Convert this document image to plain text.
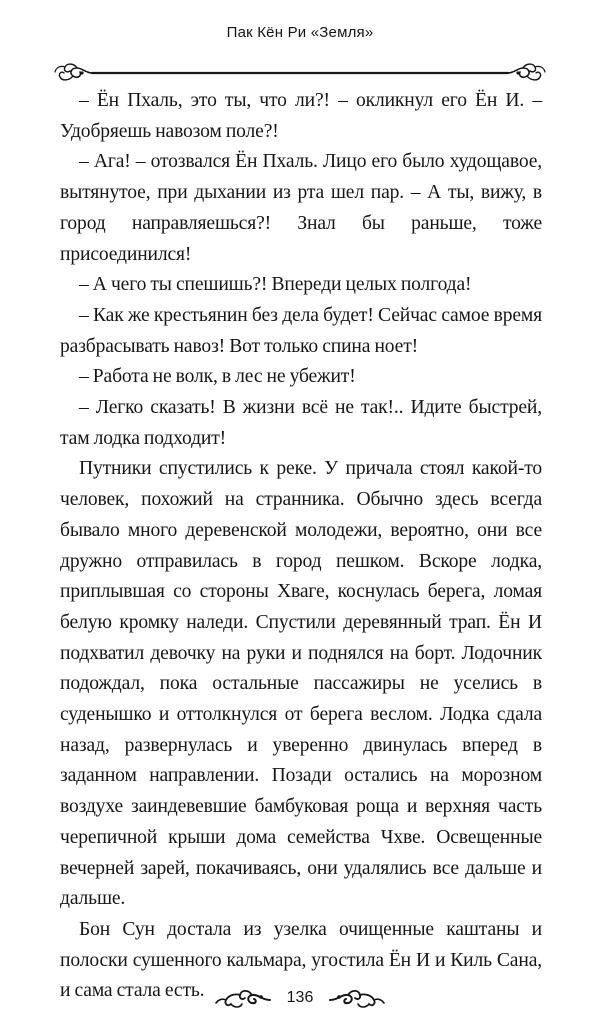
Пак Кён Ри «Земля»

– Ён Пхаль, это ты, что ли?! – окликнул его Ён И. – Удобряешь навозом поле?!

– Ага! – отозвался Ён Пхаль. Лицо его было худощавое, вытянутое, при дыхании из рта шел пар. – А ты, вижу, в город направляешься?! Знал бы раньше, тоже присоединился!

– А чего ты спешишь?! Впереди целых полгода!

– Как же крестьянин без дела будет! Сейчас самое время разбрасывать навоз! Вот только спина ноет!

– Работа не волк, в лес не убежит!

– Легко сказать! В жизни всё не так!.. Идите быстрей, там лодка подходит!

Путники спустились к реке. У причала стоял какой-то человек, похожий на странника. Обычно здесь всегда бывало много деревенской молодежи, вероятно, они все дружно отправилась в город пешком. Вскоре лодка, приплывшая со стороны Хваге, коснулась берега, ломая белую кромку наледи. Спустили деревянный трап. Ён И подхватил девочку на руки и поднялся на борт. Лодочник подождал, пока остальные пассажиры не уселись в суденышко и оттолкнулся от берега веслом. Лодка сдала назад, развернулась и уверенно двинулась вперед в заданном направлении. Позади остались на морозном воздухе заиндевевшие бамбуковая роща и верхняя часть черепичной крыши дома семейства Чхве. Освещенные вечерней зарей, покачиваясь, они удалялись все дальше и дальше.

Бон Сун достала из узелка очищенные каштаны и полоски сушенного кальмара, угостила Ён И и Киль Сана, и сама стала есть.	136
